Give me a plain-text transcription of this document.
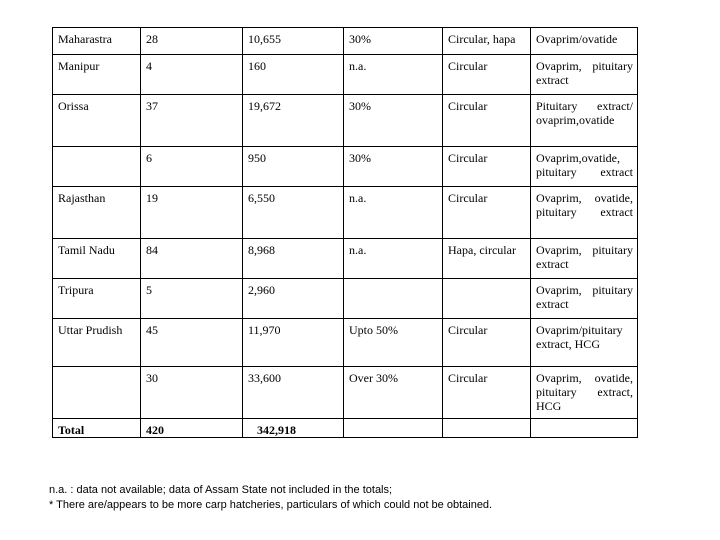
Maharastra	28	10,655	30%	Circular, hapa	Ovaprim/ovatide
Manipur	4	160	n.a.	Circular	Ovaprim, pituitary extract
Orissa	37	19,672	30%	Circular	Pituitary extract/ ovaprim,ovatide
	6	950	30%	Circular	Ovaprim,ovatide, pituitary extract
Rajasthan	19	6,550	n.a.	Circular	Ovaprim, ovatide, pituitary extract
Tamil Nadu	84	8,968	n.a.	Hapa, circular	Ovaprim, pituitary extract
Tripura	5	2,960			Ovaprim, pituitary extract
Uttar Prudish	45	11,970	Upto 50%	Circular	Ovaprim/pituitary extract, HCG
	30	33,600	Over 30%	Circular	Ovaprim, ovatide, pituitary extract, HCG
Total	420	342,918			
n.a. : data not available; data of Assam State not included in the totals;
* There are/appears to be more carp hatcheries, particulars of which could not be obtained.
